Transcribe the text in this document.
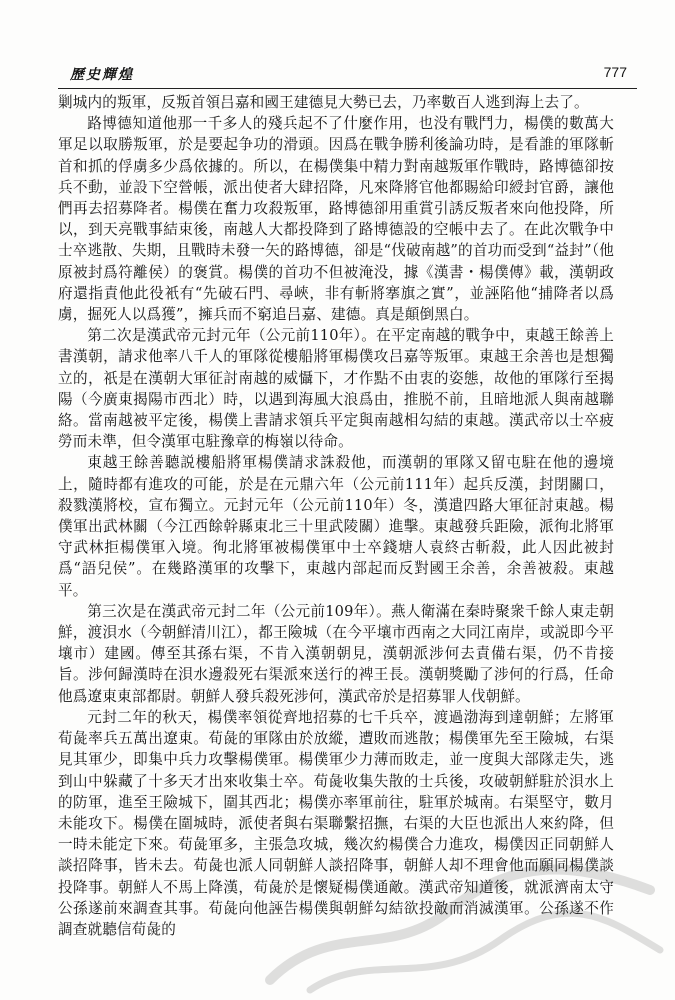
歷史輝煌	777

剿城内的叛軍，反叛首領吕嘉和國王建德見大勢已去，乃率數百人逃到海上去了。

路博德知道他那一千多人的殘兵起不了什麼作用，也没有戰鬥力，楊僕的數萬大軍足以取勝叛軍，於是要起争功的滑頭。因爲在戰争勝利後論功時，是看誰的軍隊斬首和抓的俘虜多少爲依據的。所以，在楊僕集中精力對南越叛軍作戰時，路博德卻按兵不動，並設下空營帳，派出使者大肆招降，凡來降將官他都賜給印綬封官爵，讓他們再去招募降者。楊僕在奮力攻殺叛軍，路博德卻用重賞引誘反叛者來向他投降，所以，到天亮戰事結束後，南越人大都投降到了路博德設的空帳中去了。在此次戰争中士卒逃散、失期，且戰時未發一矢的路博德，卻是“伐破南越”的首功而受到“益封”（他原被封爲符離侯）的褒賞。楊僕的首功不但被淹没，據《漢書・楊僕傳》載，漢朝政府還指責他此役衹有“先破石門、尋峽，非有斬將搴旗之實”，並誣陷他“捕降者以爲虜，掘死人以爲獲”，擁兵而不窮追吕嘉、建德。真是顛倒黑白。

第二次是漢武帝元封元年（公元前110年）。在平定南越的戰争中，東越王餘善上書漢朝，請求他率八千人的軍隊從樓船將軍楊僕攻吕嘉等叛軍。東越王余善也是想獨立的，祇是在漢朝大軍征討南越的威懾下，才作點不由衷的姿態，故他的軍隊行至揭陽（今廣東揭陽市西北）時，以遇到海風大浪爲由，推脱不前，且暗地派人與南越聯絡。當南越被平定後，楊僕上書請求領兵平定與南越相勾結的東越。漢武帝以士卒疲勞而未準，但令漢軍屯駐豫章的梅嶺以待命。

東越王餘善聽説樓船將軍楊僕請求誅殺他，而漢朝的軍隊又留屯駐在他的邊境上，隨時都有進攻的可能，於是在元鼎六年（公元前111年）起兵反漢，封閉關口，殺戮漢將校，宣布獨立。元封元年（公元前110年）冬，漢遣四路大軍征討東越。楊僕軍出武林關（今江西餘幹縣東北三十里武陵關）進擊。東越發兵距險，派徇北將軍守武林拒楊僕軍入境。徇北將軍被楊僕軍中士卒錢塘人袁終古斬殺，此人因此被封爲“語兒侯”。在幾路漢軍的攻擊下，東越内部起而反對國王余善，余善被殺。東越平。

第三次是在漢武帝元封二年（公元前109年）。燕人衛滿在秦時聚衆千餘人東走朝鮮，渡浿水（今朝鮮清川江），都王險城（在今平壤市西南之大同江南岸，或説即今平壤市）建國。傳至其孫右渠，不肯入漢朝朝見，漢朝派涉何去責備右渠，仍不肯接旨。涉何歸漢時在浿水邊殺死右渠派來送行的裨王長。漢朝獎勵了涉何的行爲，任命他爲遼東東部都尉。朝鮮人發兵殺死涉何，漢武帝於是招募罪人伐朝鮮。

元封二年的秋天，楊僕率領從齊地招募的七千兵卒，渡過渤海到達朝鮮；左將軍荀彘率兵五萬出遼東。荀彘的軍隊由於放縱，遭敗而逃散；楊僕軍先至王險城，右渠見其軍少，即集中兵力攻擊楊僕軍。楊僕軍少力薄而敗走，並一度與大部隊走失，逃到山中躲藏了十多天才出來收集士卒。荀彘收集失散的士兵後，攻破朝鮮駐於浿水上的防軍，進至王險城下，圍其西北；楊僕亦率軍前往，駐軍於城南。右渠堅守，數月未能攻下。楊僕在圍城時，派使者與右渠聯繫招撫，右渠的大臣也派出人來約降，但一時未能定下來。荀彘軍多，主張急攻城，幾次約楊僕合力進攻，楊僕因正同朝鮮人談招降事，皆未去。荀彘也派人同朝鮮人談招降事，朝鮮人却不理會他而願同楊僕談投降事。朝鮮人不馬上降漢，荀彘於是懷疑楊僕通敵。漢武帝知道後，就派濟南太守公孫遂前來調查其事。荀彘向他誣告楊僕與朝鮮勾結欲投敵而消滅漢軍。公孫遂不作調查就聽信荀彘的
